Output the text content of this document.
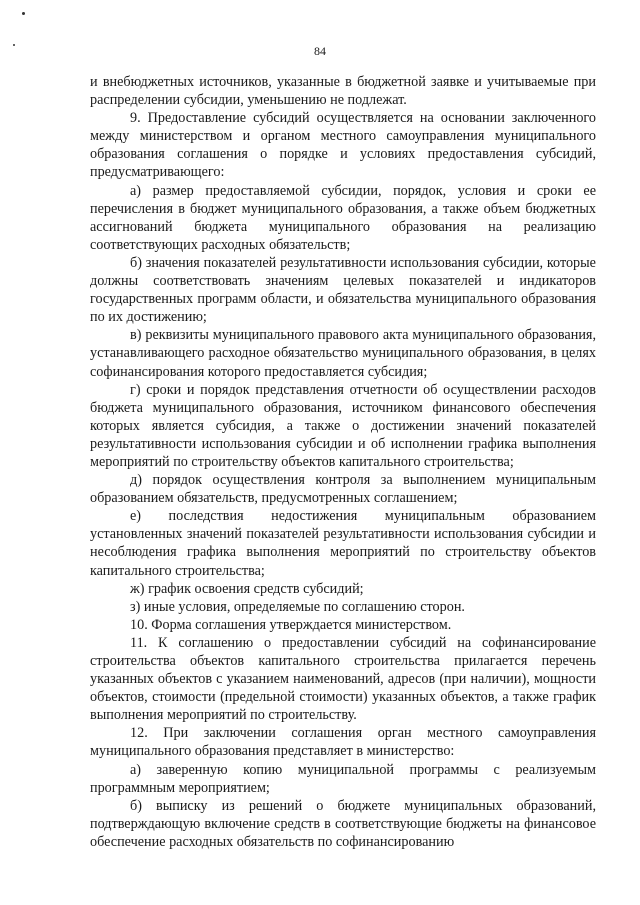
84

и внебюджетных источников, указанные в бюджетной заявке и учитываемые при распределении субсидии, уменьшению не подлежат.

9. Предоставление субсидий осуществляется на основании заключенного между министерством и органом местного самоуправления муниципального образования соглашения о порядке и условиях предоставления субсидий, предусматривающего:

а) размер предоставляемой субсидии, порядок, условия и сроки ее перечисления в бюджет муниципального образования, а также объем бюджетных ассигнований бюджета муниципального образования на реализацию соответствующих расходных обязательств;

б) значения показателей результативности использования субсидии, которые должны соответствовать значениям целевых показателей и индикаторов государственных программ области, и обязательства муниципального образования по их достижению;

в) реквизиты муниципального правового акта муниципального образования, устанавливающего расходное обязательство муниципального образования, в целях софинансирования которого предоставляется субсидия;

г) сроки и порядок представления отчетности об осуществлении расходов бюджета муниципального образования, источником финансового обеспечения которых является субсидия, а также о достижении значений показателей результативности использования субсидии и об исполнении графика выполнения мероприятий по строительству объектов капитального строительства;

д) порядок осуществления контроля за выполнением муниципальным образованием обязательств, предусмотренных соглашением;

е) последствия недостижения муниципальным образованием установленных значений показателей результативности использования субсидии и несоблюдения графика выполнения мероприятий по строительству объектов капитального строительства;

ж) график освоения средств субсидий;

з) иные условия, определяемые по соглашению сторон.

10. Форма соглашения утверждается министерством.

11. К соглашению о предоставлении субсидий на софинансирование строительства объектов капитального строительства прилагается перечень указанных объектов с указанием наименований, адресов (при наличии), мощности объектов, стоимости (предельной стоимости) указанных объектов, а также график выполнения мероприятий по строительству.

12. При заключении соглашения орган местного самоуправления муниципального образования представляет в министерство:

а) заверенную копию муниципальной программы с реализуемым программным мероприятием;

б) выписку из решений о бюджете муниципальных образований, подтверждающую включение средств в соответствующие бюджеты на финансовое обеспечение расходных обязательств по софинансированию
